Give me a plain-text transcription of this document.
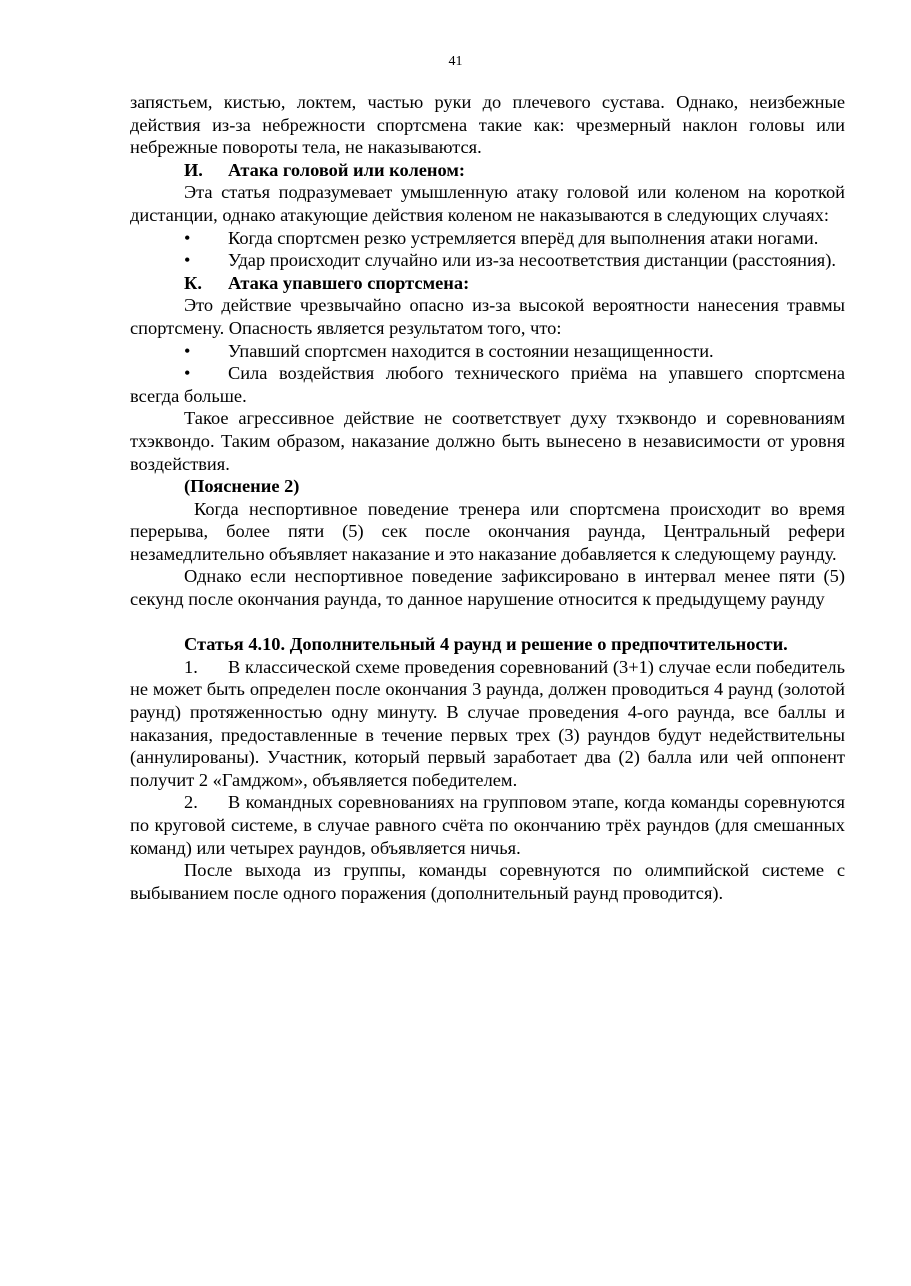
41

запястьем, кистью, локтем, частью руки до плечевого сустава. Однако, неизбежные действия из-за небрежности спортсмена такие как: чрезмерный наклон головы или небрежные повороты тела, не наказываются.

И. Атака головой или коленом:

Эта статья подразумевает умышленную атаку головой или коленом на короткой дистанции, однако атакующие действия коленом не наказываются в следующих случаях:

• Когда спортсмен резко устремляется вперёд для выполнения атаки ногами.

• Удар происходит случайно или из-за несоответствия дистанции (расстояния).

К. Атака упавшего спортсмена:

Это действие чрезвычайно опасно из-за высокой вероятности нанесения травмы спортсмену. Опасность является результатом того, что:

• Упавший спортсмен находится в состоянии незащищенности.

• Сила воздействия любого технического приёма на упавшего спортсмена всегда больше.

Такое агрессивное действие не соответствует духу тхэквондо и соревнованиям тхэквондо. Таким образом, наказание должно быть вынесено в независимости от уровня воздействия.

(Пояснение 2)

Когда неспортивное поведение тренера или спортсмена происходит во время перерыва, более пяти (5) сек после окончания раунда, Центральный рефери незамедлительно объявляет наказание и это наказание добавляется к следующему раунду.

Однако если неспортивное поведение зафиксировано в интервал менее пяти (5) секунд после окончания раунда, то данное нарушение относится к предыдущему раунду

Статья 4.10. Дополнительный 4 раунд и решение о предпочтительности.

1. В классической схеме проведения соревнований (3+1) случае если победитель не может быть определен после окончания 3 раунда, должен проводиться 4 раунд (золотой раунд) протяженностью одну минуту. В случае проведения 4-ого раунда, все баллы и наказания, предоставленные в течение первых трех (3) раундов будут недействительны (аннулированы). Участник, который первый заработает два (2) балла или чей оппонент получит 2 «Гамджом», объявляется победителем.

2. В командных соревнованиях на групповом этапе, когда команды соревнуются по круговой системе, в случае равного счёта по окончанию трёх раундов (для смешанных команд) или четырех раундов, объявляется ничья.

После выхода из группы, команды соревнуются по олимпийской системе с выбыванием после одного поражения (дополнительный раунд проводится).
